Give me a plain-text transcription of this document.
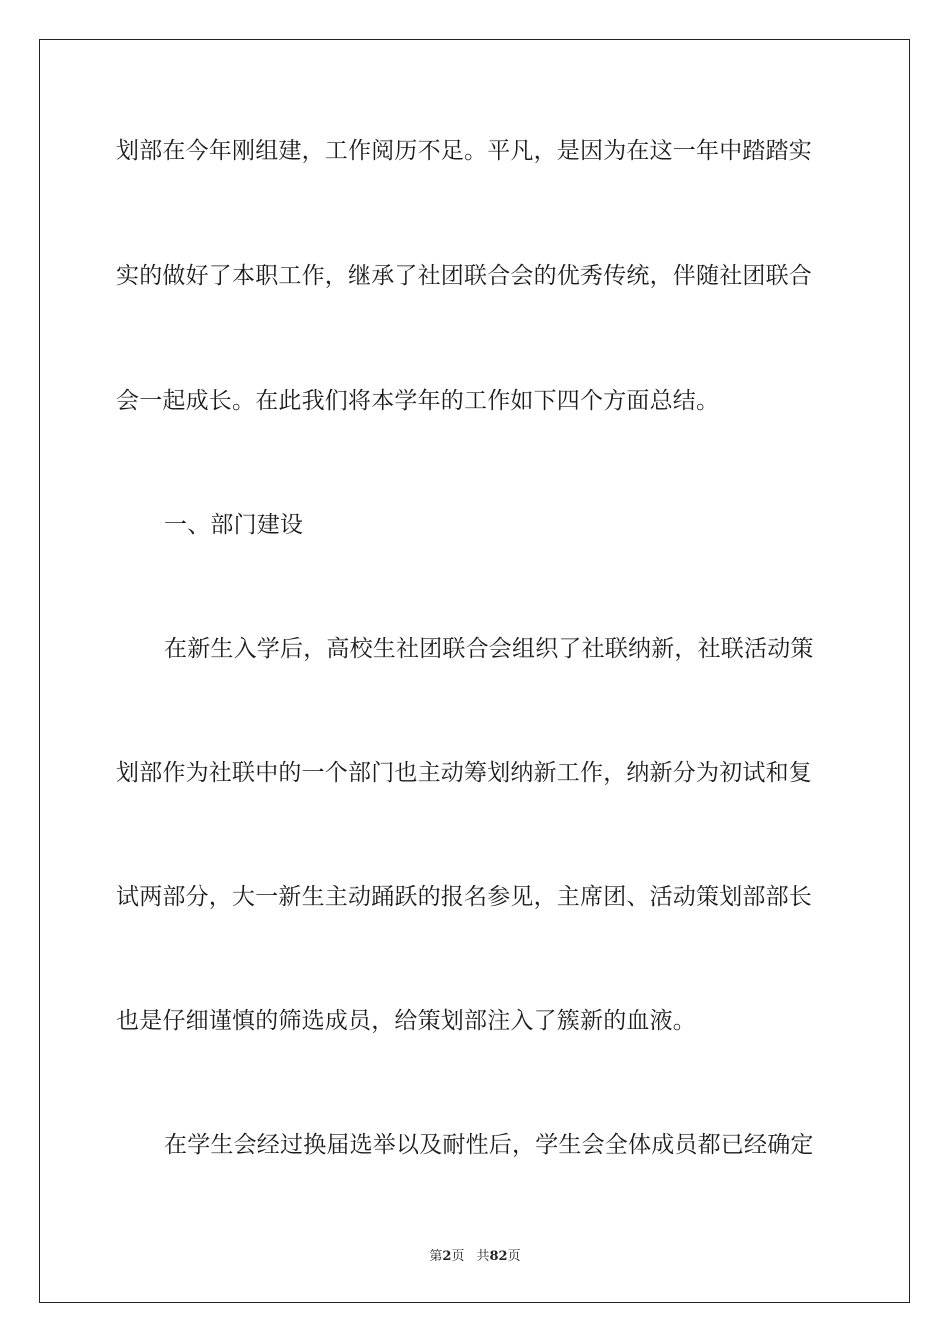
划部在今年刚组建，工作阅历不足。平凡，是因为在这一年中踏踏实
实的做好了本职工作，继承了社团联合会的优秀传统，伴随社团联合
会一起成长。在此我们将本学年的工作如下四个方面总结。
一、部门建设
在新生入学后，高校生社团联合会组织了社联纳新，社联活动策
划部作为社联中的一个部门也主动筹划纳新工作，纳新分为初试和复
试两部分，大一新生主动踊跃的报名参见，主席团、活动策划部部长
也是仔细谨慎的筛选成员，给策划部注入了簇新的血液。
在学生会经过换届选举以及耐性后，学生会全体成员都已经确定
第2页 共82页
